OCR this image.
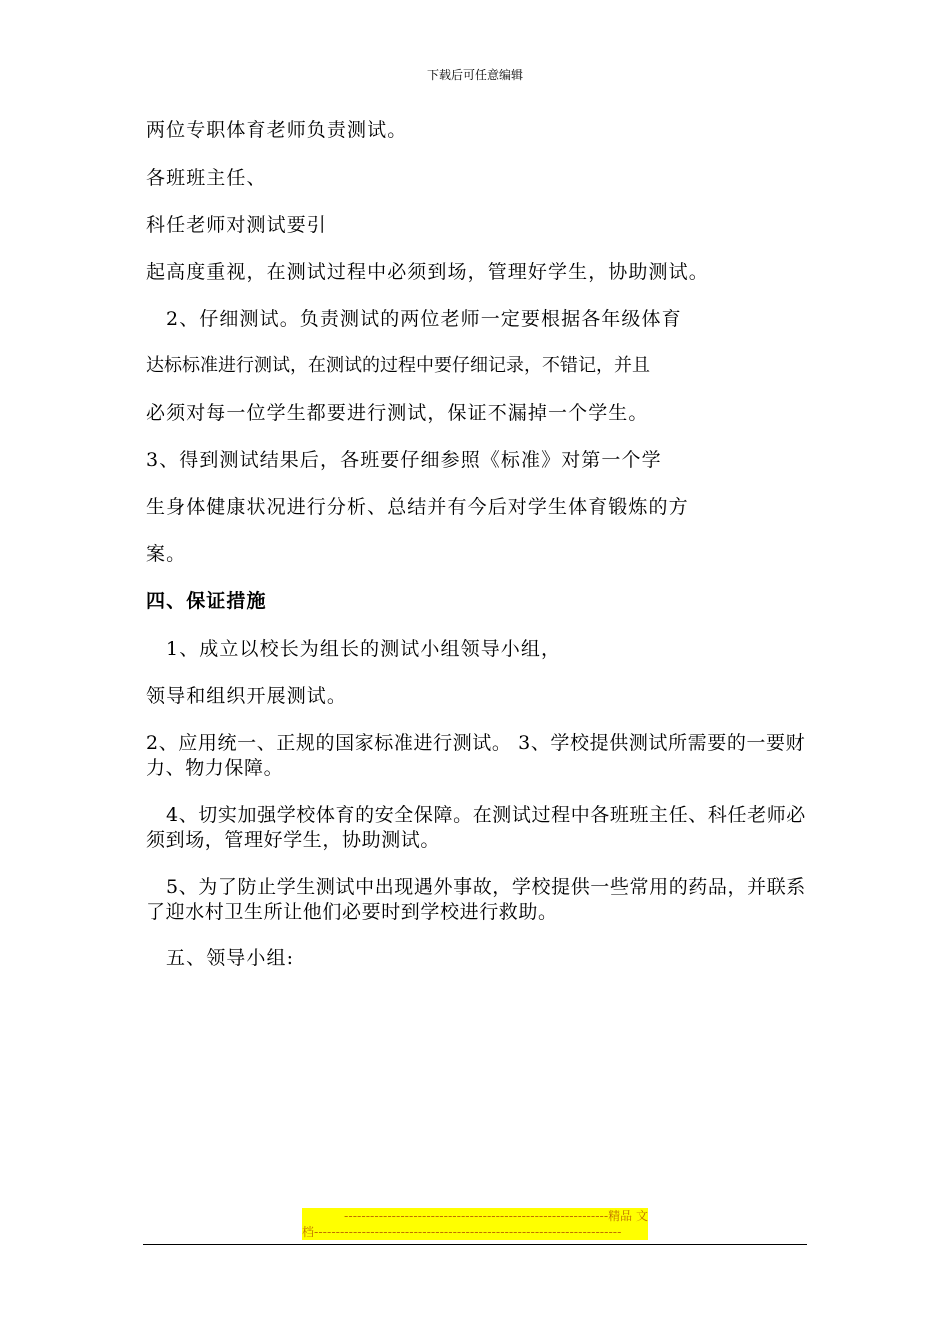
下载后可任意编辑
两位专职体育老师负责测试。
各班班主任、
科任老师对测试要引
起高度重视，在测试过程中必须到场，管理好学生，协助测试。
2、仔细测试。负责测试的两位老师一定要根据各年级体育
达标标准进行测试，在测试的过程中要仔细记录，不错记，并且
必须对每一位学生都要进行测试，保证不漏掉一个学生。
3、得到测试结果后，各班要仔细参照《标准》对第一个学
生身体健康状况进行分析、总结并有今后对学生体育锻炼的方
案。
四、保证措施
1、成立以校长为组长的测试小组领导小组，
领导和组织开展测试。
2、应用统一、正规的国家标准进行测试。 3、学校提供测试所需要的一要财力、物力保障。
4、切实加强学校体育的安全保障。在测试过程中各班班主任、科任老师必须到场，管理好学生，协助测试。
5、为了防止学生测试中出现遇外事故，学校提供一些常用的药品，并联系了迎水村卫生所让他们必要时到学校进行救助。
五、领导小组:
-------------------------------------------------------------精品 文
档-----------------------------------------------------------------------
